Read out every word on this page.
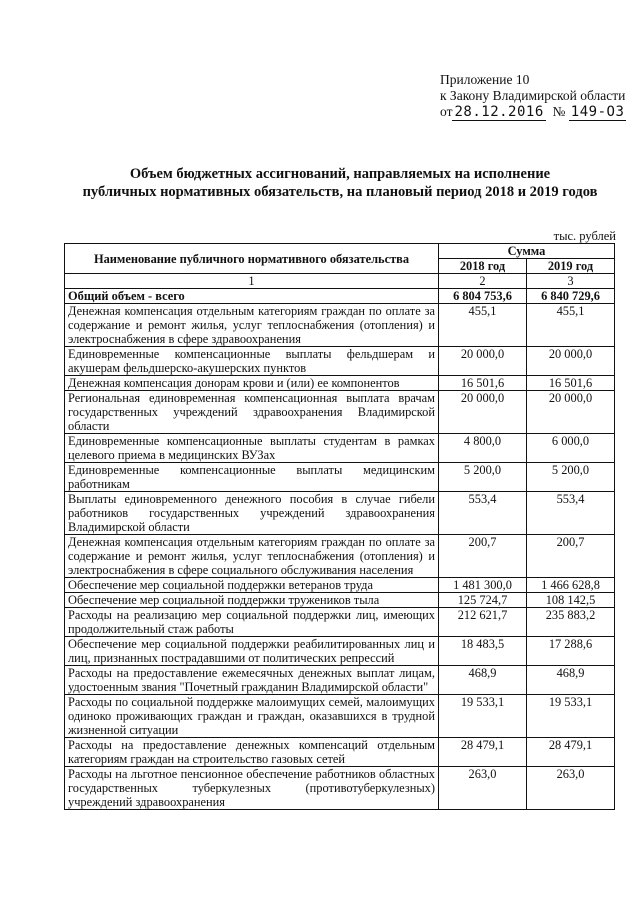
Приложение 10
к Закону Владимирской области
от 28.12.2016 № 149-ОЗ
Объем бюджетных ассигнований, направляемых на исполнение
публичных нормативных обязательств, на плановый период 2018 и 2019 годов
тыс. рублей
Наименование публичного нормативного обязательства	Сумма	
	2018 год	2019 год
1	2	3
Общий объем - всего	6 804 753,6	6 840 729,6
Денежная компенсация отдельным категориям граждан по оплате за содержание и ремонт жилья, услуг теплоснабжения (отопления) и электроснабжения в сфере здравоохранения	455,1	455,1
Единовременные компенсационные выплаты фельдшерам и акушерам фельдшерско-акушерских пунктов	20 000,0	20 000,0
Денежная компенсация донорам крови и (или) ее компонентов	16 501,6	16 501,6
Региональная единовременная компенсационная выплата врачам государственных учреждений здравоохранения Владимирской области	20 000,0	20 000,0
Единовременные компенсационные выплаты студентам в рамках целевого приема в медицинских ВУЗах	4 800,0	6 000,0
Единовременные компенсационные выплаты медицинским работникам	5 200,0	5 200,0
Выплаты единовременного денежного пособия в случае гибели работников государственных учреждений здравоохранения Владимирской области	553,4	553,4
Денежная компенсация отдельным категориям граждан по оплате за содержание и ремонт жилья, услуг теплоснабжения (отопления) и электроснабжения в сфере социального обслуживания населения	200,7	200,7
Обеспечение мер социальной поддержки ветеранов труда	1 481 300,0	1 466 628,8
Обеспечение мер социальной поддержки тружеников тыла	125 724,7	108 142,5
Расходы на реализацию мер социальной поддержки лиц, имеющих продолжительный стаж работы	212 621,7	235 883,2
Обеспечение мер социальной поддержки реабилитированных лиц и лиц, признанных пострадавшими от политических репрессий	18 483,5	17 288,6
Расходы на предоставление ежемесячных денежных выплат лицам, удостоенным звания "Почетный гражданин Владимирской области"	468,9	468,9
Расходы по социальной поддержке малоимущих семей, малоимущих одиноко проживающих граждан и граждан, оказавшихся в трудной жизненной ситуации	19 533,1	19 533,1
Расходы на предоставление денежных компенсаций отдельным категориям граждан на строительство газовых сетей	28 479,1	28 479,1
Расходы на льготное пенсионное обеспечение работников областных государственных туберкулезных (противотуберкулезных) учреждений здравоохранения	263,0	263,0
